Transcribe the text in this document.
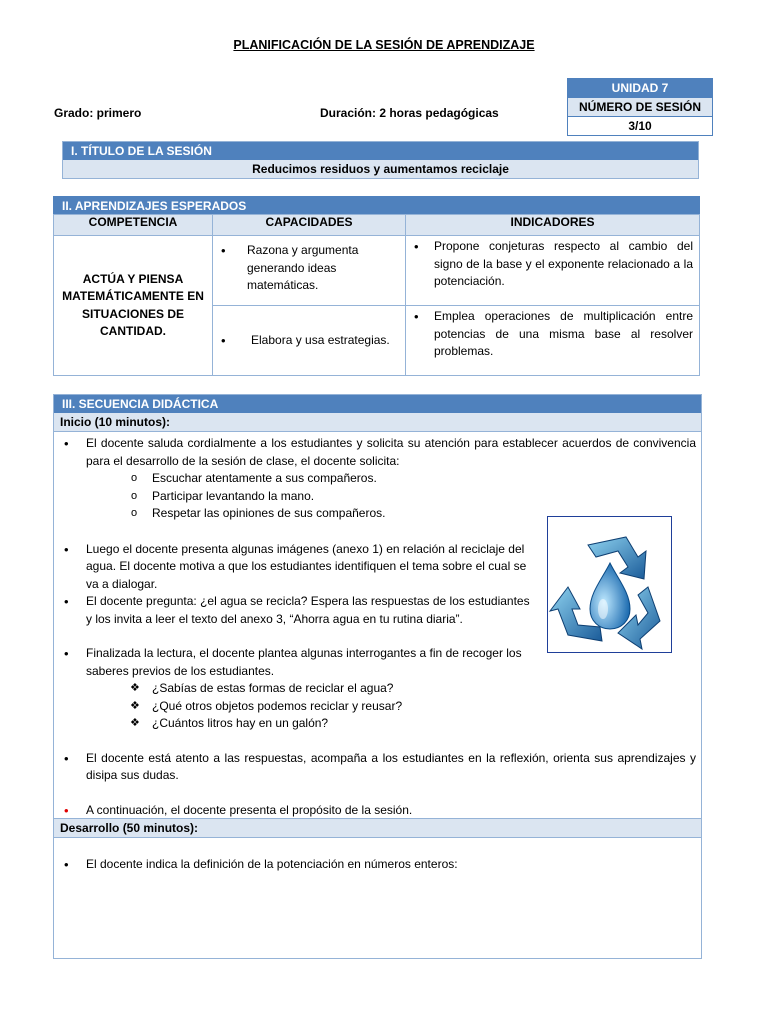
PLANIFICACIÓN DE LA SESIÓN DE APRENDIZAJE
Grado: primero	Duración: 2 horas pedagógicas
UNIDAD 7
NÚMERO DE SESIÓN
3/10
I. TÍTULO DE LA SESIÓN
Reducimos residuos y aumentamos reciclaje
II. APRENDIZAJES ESPERADOS
COMPETENCIA	CAPACIDADES	INDICADORES
ACTÚA Y PIENSA MATEMÁTICAMENTE EN SITUACIONES DE CANTIDAD.	• Razona y argumenta generando ideas matemáticas.	• Propone conjeturas respecto al cambio del signo de la base y el exponente relacionado a la potenciación.

	• Elabora y usa estrategias.	• Emplea operaciones de multiplicación entre potencias de una misma base al resolver problemas.
III. SECUENCIA DIDÁCTICA
Inicio (10 minutos):
• El docente saluda cordialmente a los estudiantes y solicita su atención para establecer acuerdos de convivencia para el desarrollo de la sesión de clase, el docente solicita:
o Escuchar atentamente a sus compañeros.
o Participar levantando la mano.
o Respetar las opiniones de sus compañeros.
• Luego el docente presenta algunas imágenes (anexo 1) en relación al reciclaje del agua. El docente motiva a que los estudiantes identifiquen el tema sobre el cual se va a dialogar.
• El docente pregunta: ¿el agua se recicla? Espera las respuestas de los estudiantes y los invita a leer el texto del anexo 3, “Ahorra agua en tu rutina diaria”.
• Finalizada la lectura, el docente plantea algunas interrogantes a fin de recoger los saberes previos de los estudiantes.
❖ ¿Sabías de estas formas de reciclar el agua?
❖ ¿Qué otros objetos podemos reciclar y reusar?
❖ ¿Cuántos litros hay en un galón?
• El docente está atento a las respuestas, acompaña a los estudiantes en la reflexión, orienta sus aprendizajes y disipa sus dudas.
• A continuación, el docente presenta el propósito de la sesión.
Desarrollo (50 minutos):
• El docente indica la definición de la potenciación en números enteros:
